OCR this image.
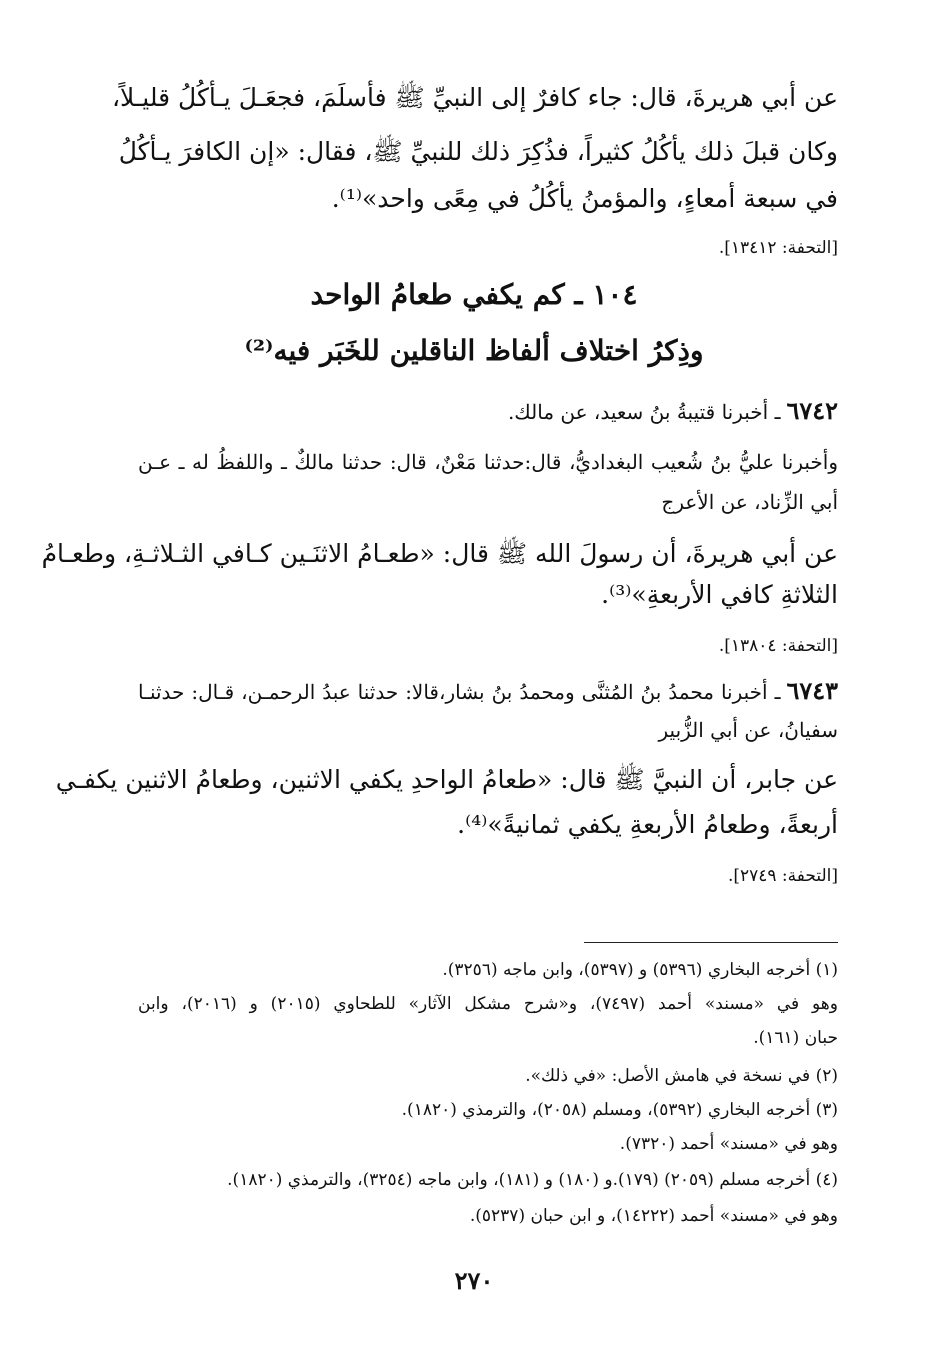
عن أبي هريرةَ، قال: جاء كافرٌ إلى النبيِّ ﷺ فأسلَمَ، فجعَـلَ يـأكُلُ قليـلاً،
وكان قبلَ ذلك يأكُلُ كثيراً، فذُكِرَ ذلك للنبيِّ ﷺ، فقال: «إن الكافرَ يـأكُلُ
في سبعة أمعاءٍ، والمؤمنُ يأكُلُ في مِعًى واحد»⁽¹⁾.
[التحفة: ١٣٤١٢].
١٠٤ ـ كم يكفي طعامُ الواحد
وذِكرُ اختلاف ألفاظ الناقلين للخَبَر فيه⁽²⁾
٦٧٤٢ـ أخبرنا قتيبةُ بنُ سعيد، عن مالك.
وأخبرنا عليُّ بنُ شُعيب البغداديُّ، قال:حدثنا مَعْنٌ، قال: حدثنا مالكٌ ـ واللفظُ له ـ عـن
أبي الزِّناد، عن الأعرج
عن أبي هريرةَ، أن رسولَ الله ﷺ قال: «طعـامُ الاثنَـين كـافي الثـلاثـةِ، وطعـامُ
الثلاثةِ كافي الأربعةِ»⁽³⁾.
[التحفة: ١٣٨٠٤].
٦٧٤٣ـ أخبرنا محمدُ بنُ المُثنَّى ومحمدُ بنُ بشار،قالا: حدثنا عبدُ الرحمـن، قـال: حدثنـا
سفيانُ، عن أبي الزُّبير
عن جابر، أن النبيَّ ﷺ قال: «طعامُ الواحدِ يكفي الاثنين، وطعامُ الاثنين يكفـي
أربعةً، وطعامُ الأربعةِ يكفي ثمانيةً»⁽⁴⁾.
[التحفة: ٢٧٤٩].
(١) أخرجه البخاري (٥٣٩٦) و (٥٣٩٧)، وابن ماجه (٣٢٥٦).
وهو في «مسند» أحمد (٧٤٩٧)، و«شرح مشكل الآثار» للطحاوي (٢٠١٥) و (٢٠١٦)، وابن
حبان (١٦١).
(٢) في نسخة في هامش الأصل: «في ذلك».
(٣) أخرجه البخاري (٥٣٩٢)، ومسلم (٢٠٥٨)، والترمذي (١٨٢٠).
وهو في «مسند» أحمد (٧٣٢٠).
(٤) أخرجه مسلم (٢٠٥٩) (١٧٩).و (١٨٠) و (١٨١)، وابن ماجه (٣٢٥٤)، والترمذي (١٨٢٠).
وهو في «مسند» أحمد (١٤٢٢٢)، و ابن حبان (٥٢٣٧).
٢٧٠
